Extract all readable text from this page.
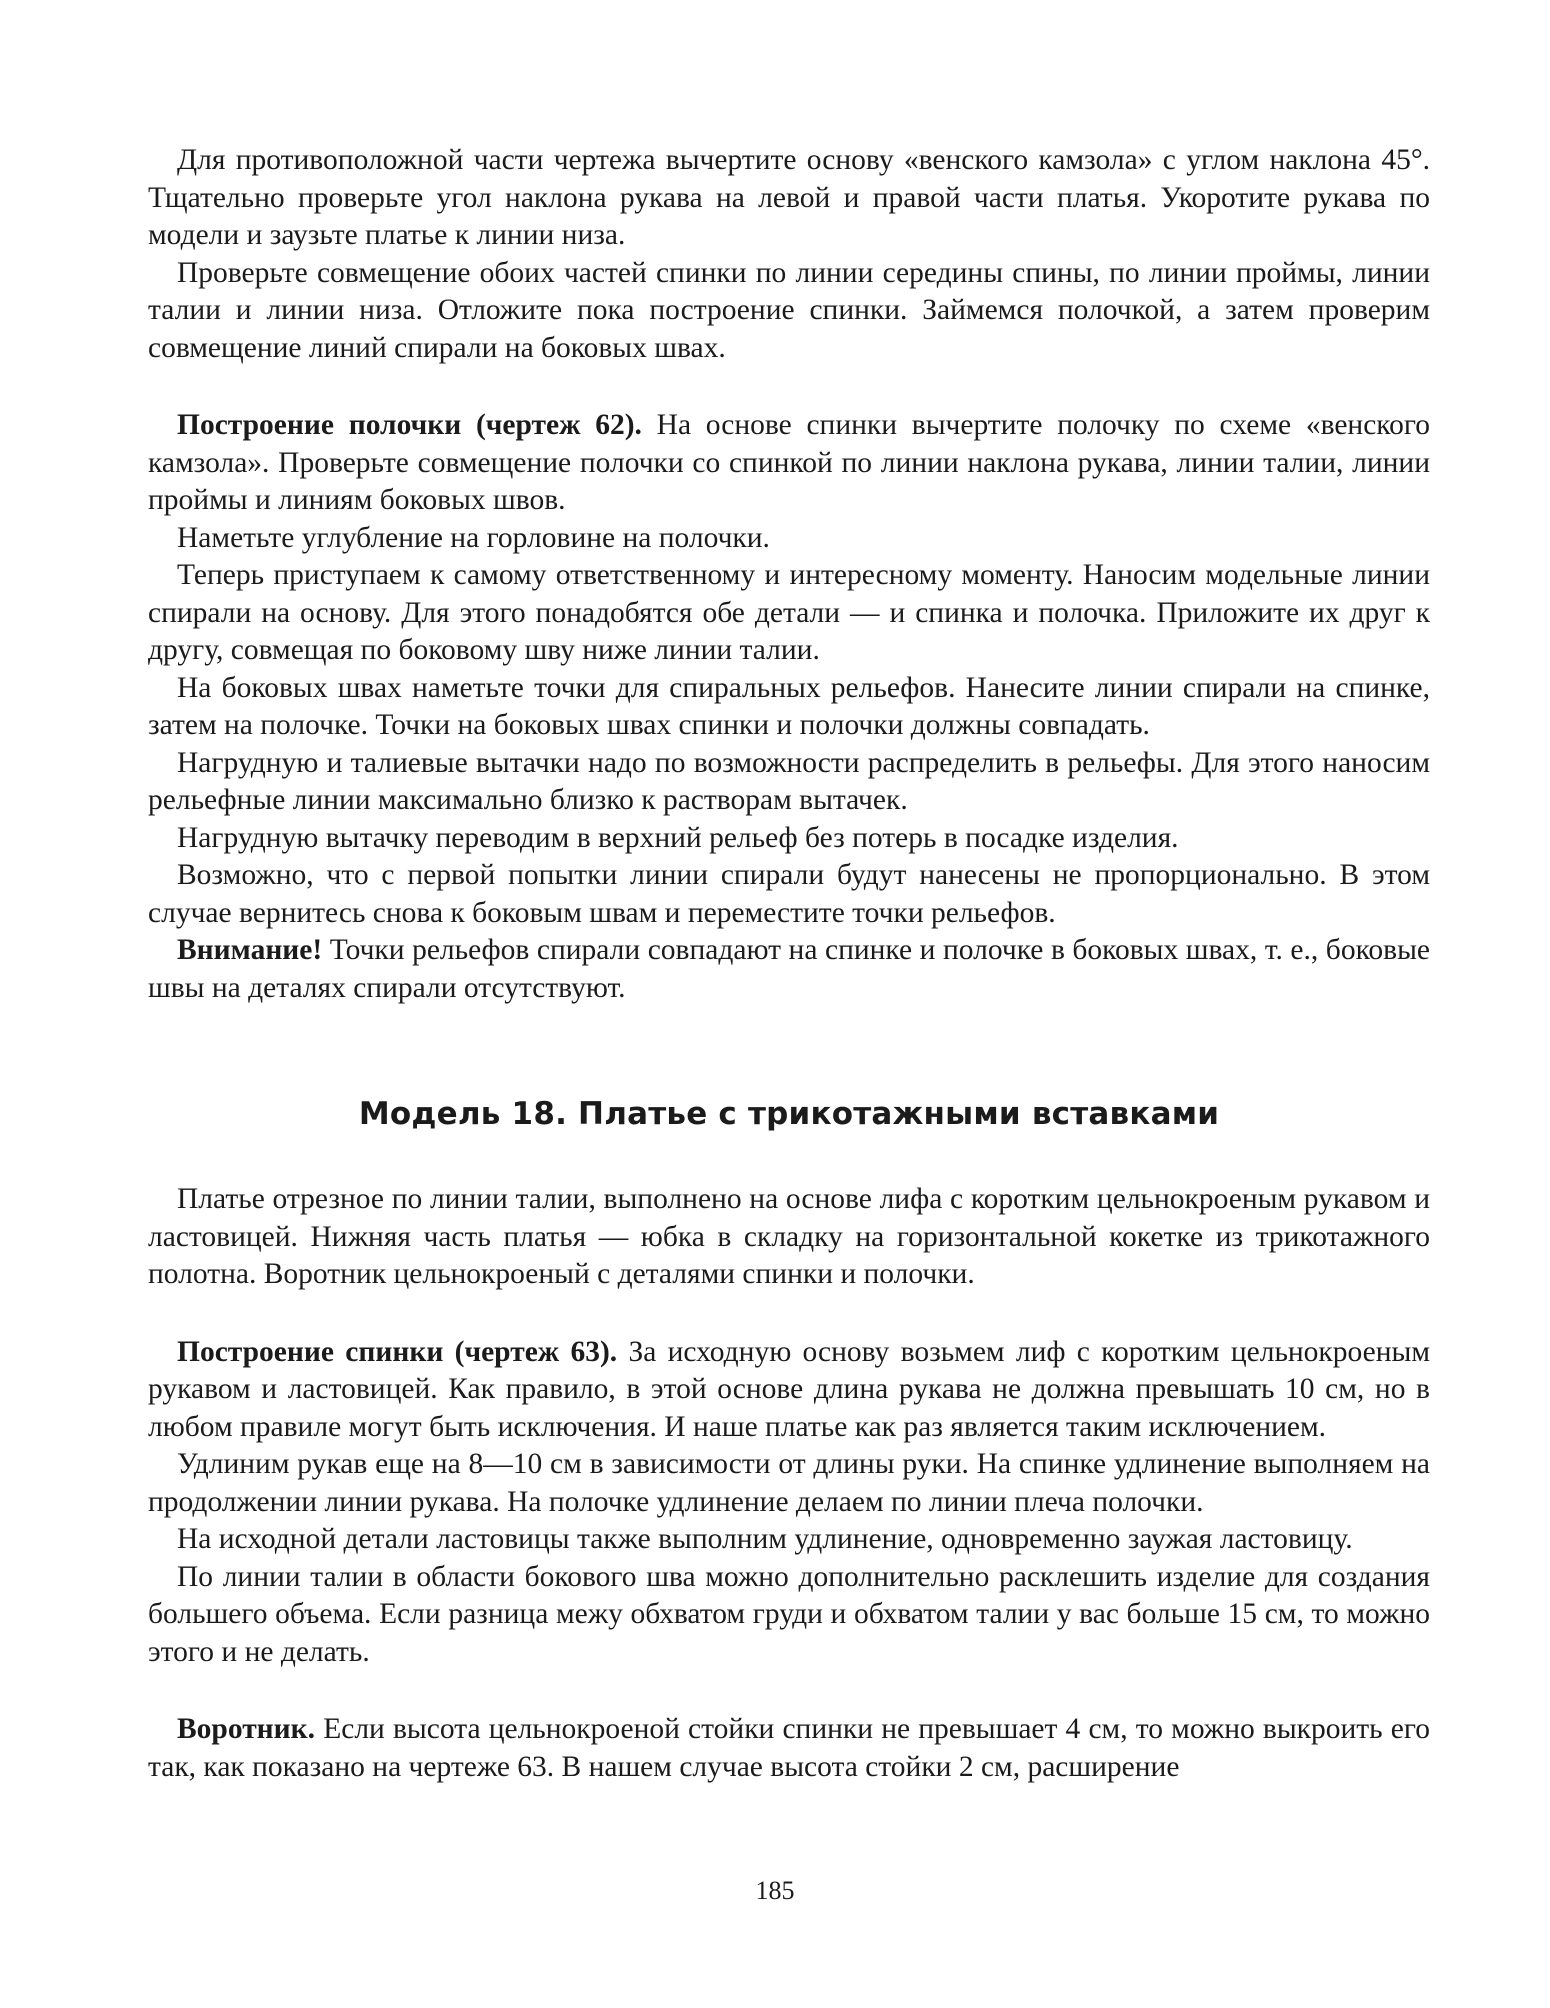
Для противоположной части чертежа вычертите основу «венского камзола» с углом наклона 45°. Тщательно проверьте угол наклона рукава на левой и правой части платья. Укоротите рукава по модели и заузьте платье к линии низа.

Проверьте совмещение обоих частей спинки по линии середины спины, по линии проймы, линии талии и линии низа. Отложите пока построение спинки. Займемся полочкой, а затем проверим совмещение линий спирали на боковых швах.

Построение полочки (чертеж 62). На основе спинки вычертите полочку по схеме «венского камзола». Проверьте совмещение полочки со спинкой по линии наклона рукава, линии талии, линии проймы и линиям боковых швов.

Наметьте углубление на горловине на полочки.

Теперь приступаем к самому ответственному и интересному моменту. Наносим модельные линии спирали на основу. Для этого понадобятся обе детали — и спинка и полочка. Приложите их друг к другу, совмещая по боковому шву ниже линии талии.

На боковых швах наметьте точки для спиральных рельефов. Нанесите линии спирали на спинке, затем на полочке. Точки на боковых швах спинки и полочки должны совпадать.

Нагрудную и талиевые вытачки надо по возможности распределить в рельефы. Для этого наносим рельефные линии максимально близко к растворам вытачек.

Нагрудную вытачку переводим в верхний рельеф без потерь в посадке изделия.

Возможно, что с первой попытки линии спирали будут нанесены не пропорционально. В этом случае вернитесь снова к боковым швам и переместите точки рельефов.

Внимание! Точки рельефов спирали совпадают на спинке и полочке в боковых швах, т. е., боковые швы на деталях спирали отсутствуют.

Модель 18. Платье с трикотажными вставками

Платье отрезное по линии талии, выполнено на основе лифа с коротким цельнокроеным рукавом и ластовицей. Нижняя часть платья — юбка в складку на горизонтальной кокетке из трикотажного полотна. Воротник цельнокроеный с деталями спинки и полочки.

Построение спинки (чертеж 63). За исходную основу возьмем лиф с коротким цельнокроеным рукавом и ластовицей. Как правило, в этой основе длина рукава не должна превышать 10 см, но в любом правиле могут быть исключения. И наше платье как раз является таким исключением.

Удлиним рукав еще на 8—10 см в зависимости от длины руки. На спинке удлинение выполняем на продолжении линии рукава. На полочке удлинение делаем по линии плеча полочки.

На исходной детали ластовицы также выполним удлинение, одновременно заужая ластовицу.

По линии талии в области бокового шва можно дополнительно расклешить изделие для создания большего объема. Если разница межу обхватом груди и обхватом талии у вас больше 15 см, то можно этого и не делать.

Воротник. Если высота цельнокроеной стойки спинки не превышает 4 см, то можно выкроить его так, как показано на чертеже 63. В нашем случае высота стойки 2 см, расширение

185
